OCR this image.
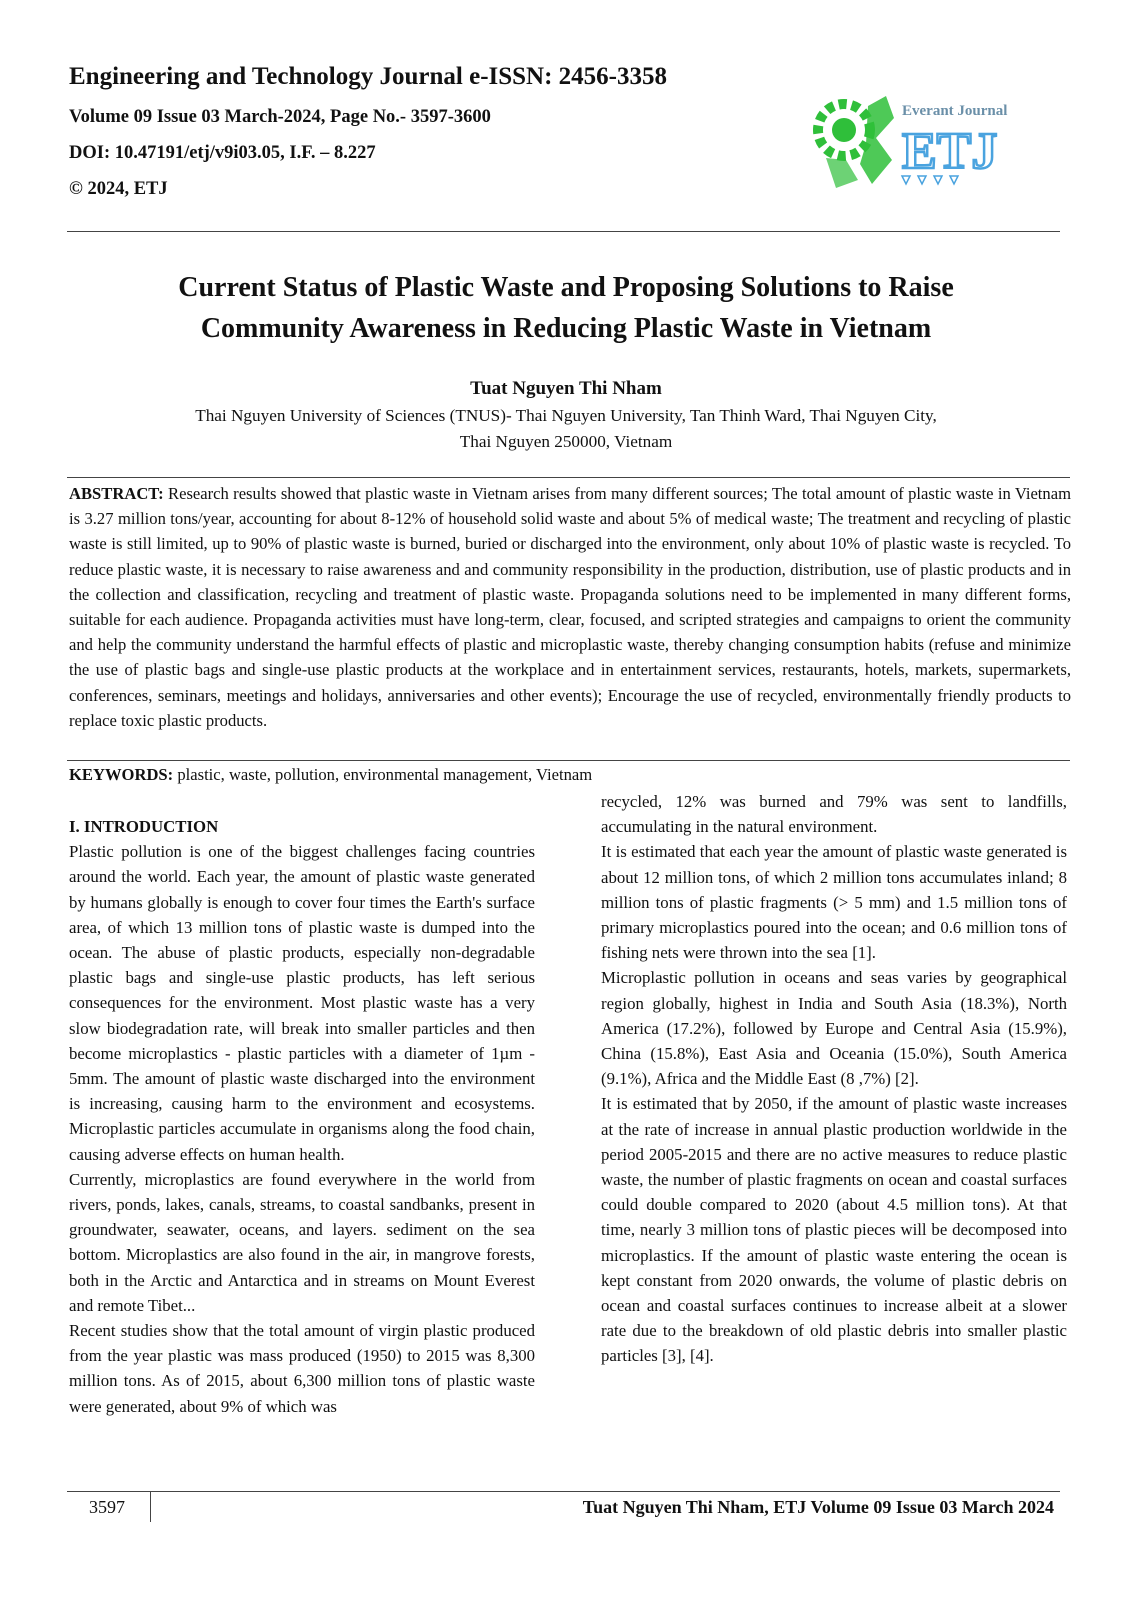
Engineering and Technology Journal e-ISSN: 2456-3358

Volume 09 Issue 03 March-2024, Page No.- 3597-3600

DOI: 10.47191/etj/v9i03.05, I.F. – 8.227

© 2024, ETJ

Everant Journal
ETJ
Current Status of Plastic Waste and Proposing Solutions to Raise
Community Awareness in Reducing Plastic Waste in Vietnam

Tuat Nguyen Thi Nham

Thai Nguyen University of Sciences (TNUS)- Thai Nguyen University, Tan Thinh Ward, Thai Nguyen City,
Thai Nguyen 250000, Vietnam

ABSTRACT: Research results showed that plastic waste in Vietnam arises from many different sources; The total amount of plastic waste in Vietnam is 3.27 million tons/year, accounting for about 8-12% of household solid waste and about 5% of medical waste; The treatment and recycling of plastic waste is still limited, up to 90% of plastic waste is burned, buried or discharged into the environment, only about 10% of plastic waste is recycled. To reduce plastic waste, it is necessary to raise awareness and and community responsibility in the production, distribution, use of plastic products and in the collection and classification, recycling and treatment of plastic waste. Propaganda solutions need to be implemented in many different forms, suitable for each audience. Propaganda activities must have long-term, clear, focused, and scripted strategies and campaigns to orient the community and help the community understand the harmful effects of plastic and microplastic waste, thereby changing consumption habits (refuse and minimize the use of plastic bags and single-use plastic products at the workplace and in entertainment services, restaurants, hotels, markets, supermarkets, conferences, seminars, meetings and holidays, anniversaries and other events); Encourage the use of recycled, environmentally friendly products to replace toxic plastic products.

KEYWORDS: plastic, waste, pollution, environmental management, Vietnam

I. INTRODUCTION

Plastic pollution is one of the biggest challenges facing countries around the world. Each year, the amount of plastic waste generated by humans globally is enough to cover four times the Earth's surface area, of which 13 million tons of plastic waste is dumped into the ocean. The abuse of plastic products, especially non-degradable plastic bags and single-use plastic products, has left serious consequences for the environment. Most plastic waste has a very slow biodegradation rate, will break into smaller particles and then become microplastics - plastic particles with a diameter of 1µm - 5mm. The amount of plastic waste discharged into the environment is increasing, causing harm to the environment and ecosystems. Microplastic particles accumulate in organisms along the food chain, causing adverse effects on human health.

Currently, microplastics are found everywhere in the world from rivers, ponds, lakes, canals, streams, to coastal sandbanks, present in groundwater, seawater, oceans, and layers. sediment on the sea bottom. Microplastics are also found in the air, in mangrove forests, both in the Arctic and Antarctica and in streams on Mount Everest and remote Tibet...

Recent studies show that the total amount of virgin plastic produced from the year plastic was mass produced (1950) to 2015 was 8,300 million tons. As of 2015, about 6,300 million tons of plastic waste were generated, about 9% of which was

recycled, 12% was burned and 79% was sent to landfills, accumulating in the natural environment.

It is estimated that each year the amount of plastic waste generated is about 12 million tons, of which 2 million tons accumulates inland; 8 million tons of plastic fragments (> 5 mm) and 1.5 million tons of primary microplastics poured into the ocean; and 0.6 million tons of fishing nets were thrown into the sea [1].

Microplastic pollution in oceans and seas varies by geographical region globally, highest in India and South Asia (18.3%), North America (17.2%), followed by Europe and Central Asia (15.9%), China (15.8%), East Asia and Oceania (15.0%), South America (9.1%), Africa and the Middle East (8 ,7%) [2].

It is estimated that by 2050, if the amount of plastic waste increases at the rate of increase in annual plastic production worldwide in the period 2005-2015 and there are no active measures to reduce plastic waste, the number of plastic fragments on ocean and coastal surfaces could double compared to 2020 (about 4.5 million tons). At that time, nearly 3 million tons of plastic pieces will be decomposed into microplastics. If the amount of plastic waste entering the ocean is kept constant from 2020 onwards, the volume of plastic debris on ocean and coastal surfaces continues to increase albeit at a slower rate due to the breakdown of old plastic debris into smaller plastic particles [3], [4].

3597	Tuat Nguyen Thi Nham, ETJ Volume 09 Issue 03 March 2024
